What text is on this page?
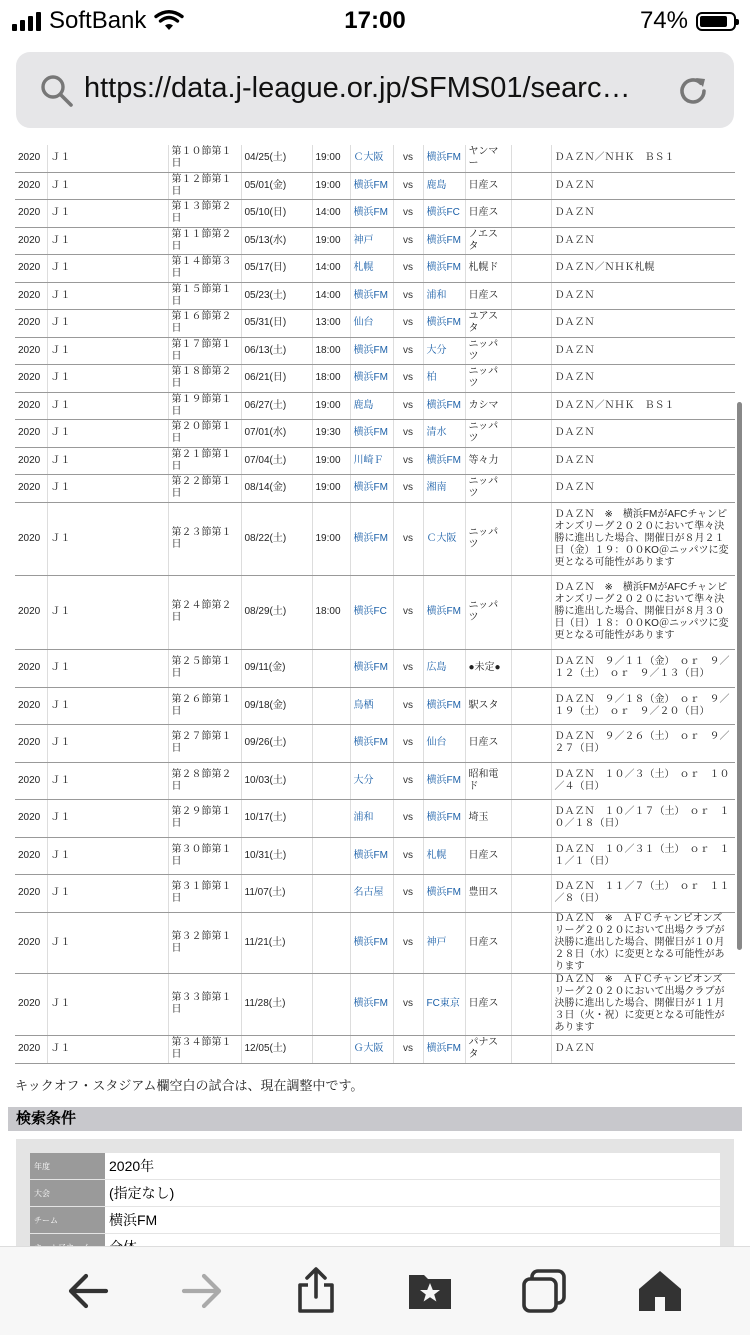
SoftBank	17:00	74%
https://data.j-league.or.jp/SFMS01/searc…
2020	Ｊ１	第１０節第１日	04/25(土)	19:00	Ｃ大阪	vs	横浜FM	ヤンマー		ＤＡＺＮ／ＮＨＫ　ＢＳ１
2020	Ｊ１	第１２節第１日	05/01(金)	19:00	横浜FM	vs	鹿島	日産ス		ＤＡＺＮ
2020	Ｊ１	第１３節第２日	05/10(日)	14:00	横浜FM	vs	横浜FC	日産ス		ＤＡＺＮ
2020	Ｊ１	第１１節第２日	05/13(水)	19:00	神戸	vs	横浜FM	ノエスタ		ＤＡＺＮ
2020	Ｊ１	第１４節第３日	05/17(日)	14:00	札幌	vs	横浜FM	札幌ド		ＤＡＺＮ／ＮＨＫ札幌
2020	Ｊ１	第１５節第１日	05/23(土)	14:00	横浜FM	vs	浦和	日産ス		ＤＡＺＮ
2020	Ｊ１	第１６節第２日	05/31(日)	13:00	仙台	vs	横浜FM	ユアスタ		ＤＡＺＮ
2020	Ｊ１	第１７節第１日	06/13(土)	18:00	横浜FM	vs	大分	ニッパツ		ＤＡＺＮ
2020	Ｊ１	第１８節第２日	06/21(日)	18:00	横浜FM	vs	柏	ニッパツ		ＤＡＺＮ
2020	Ｊ１	第１９節第１日	06/27(土)	19:00	鹿島	vs	横浜FM	カシマ		ＤＡＺＮ／ＮＨＫ　ＢＳ１
2020	Ｊ１	第２０節第１日	07/01(水)	19:30	横浜FM	vs	清水	ニッパツ		ＤＡＺＮ
2020	Ｊ１	第２１節第１日	07/04(土)	19:00	川崎Ｆ	vs	横浜FM	等々力		ＤＡＺＮ
2020	Ｊ１	第２２節第１日	08/14(金)	19:00	横浜FM	vs	湘南	ニッパツ		ＤＡＺＮ
2020	Ｊ１	第２３節第１日	08/22(土)	19:00	横浜FM	vs	Ｃ大阪	ニッパツ		ＤＡＺＮ　※　横浜FMがAFCチャンピオンズリーグ２０２０において準々決勝に進出した場合、開催日が８月２１日（金）１９：００KO＠ニッパツに変更となる可能性があります
2020	Ｊ１	第２４節第２日	08/29(土)	18:00	横浜FC	vs	横浜FM	ニッパツ		ＤＡＺＮ　※　横浜FMがAFCチャンピオンズリーグ２０２０において準々決勝に進出した場合、開催日が８月３０日（日）１８：００KO＠ニッパツに変更となる可能性があります
2020	Ｊ１	第２５節第１日	09/11(金)		横浜FM	vs	広島	●未定●		ＤＡＺＮ　９／１１（金）　ｏｒ　９／１２（土）　ｏｒ　９／１３（日）
2020	Ｊ１	第２６節第１日	09/18(金)		鳥栖	vs	横浜FM	駅スタ		ＤＡＺＮ　９／１８（金）　ｏｒ　９／１９（土）　ｏｒ　９／２０（日）
2020	Ｊ１	第２７節第１日	09/26(土)		横浜FM	vs	仙台	日産ス		ＤＡＺＮ　９／２６（土）　ｏｒ　９／２７（日）
2020	Ｊ１	第２８節第２日	10/03(土)		大分	vs	横浜FM	昭和電ド		ＤＡＺＮ　１０／３（土）　ｏｒ　１０／４（日）
2020	Ｊ１	第２９節第１日	10/17(土)		浦和	vs	横浜FM	埼玉		ＤＡＺＮ　１０／１７（土）　ｏｒ　１０／１８（日）
2020	Ｊ１	第３０節第１日	10/31(土)		横浜FM	vs	札幌	日産ス		ＤＡＺＮ　１０／３１（土）　ｏｒ　１１／１（日）
2020	Ｊ１	第３１節第１日	11/07(土)		名古屋	vs	横浜FM	豊田ス		ＤＡＺＮ　１１／７（土）　ｏｒ　１１／８（日）
2020	Ｊ１	第３２節第１日	11/21(土)		横浜FM	vs	神戸	日産ス		ＤＡＺＮ　※　ＡＦＣチャンピオンズリーグ２０２０において出場クラブが決勝に進出した場合、開催日が１０月２８日（水）に変更となる可能性があります
2020	Ｊ１	第３３節第１日	11/28(土)		横浜FM	vs	FC東京	日産ス		ＤＡＺＮ　※　ＡＦＣチャンピオンズリーグ２０２０において出場クラブが決勝に進出した場合、開催日が１１月３日（火・祝）に変更となる可能性があります
2020	Ｊ１	第３４節第１日	12/05(土)		Ｇ大阪	vs	横浜FM	パナスタ		ＤＡＺＮ
キックオフ・スタジアム欄空白の試合は、現在調整中です。
検索条件
年度	2020年
大会	(指定なし)
チーム	横浜FM
